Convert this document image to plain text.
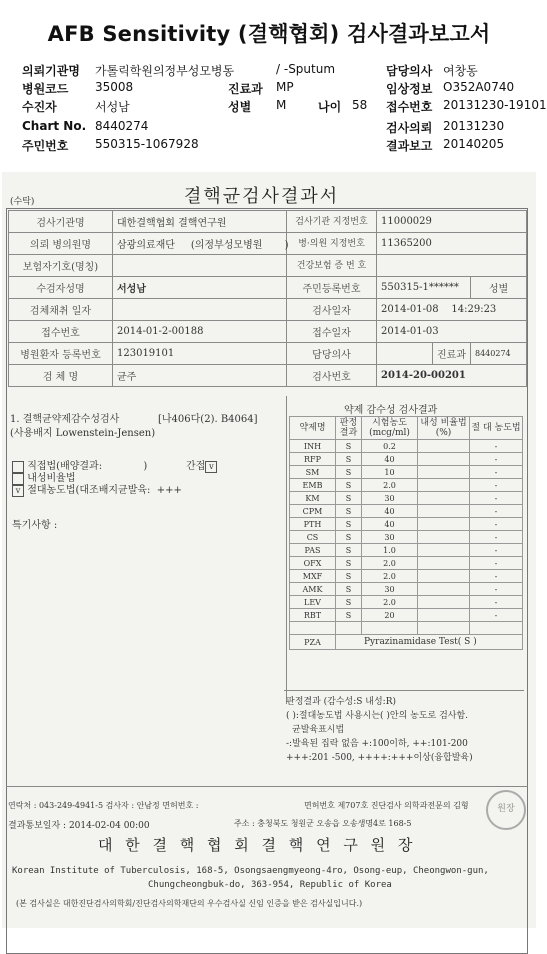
AFB Sensitivity (결핵협회) 검사결과보고서
의뢰기관명 가톨릭학원의정부성모병동	/ -Sputum	담당의사 여창동
병원코드 35008	진료과 MP	임상정보 O352A0740
수진자	서성남	성별 M	나이 58 접수번호 20131230-19101
Chart No. 8440274	검사의뢰 20131230
주민번호 550315-1067928	결과보고 20140205
(수탁)	결핵균검사결과서
검사기관명	대한결핵협회 결핵연구원	검사기관 지정번호	11000029		
의뢰 병의원명	삼광의료재단 (의정부성모병원 )	병·의원 지정번호	11365200		
보험자기호(명칭)		건강보험 증 번 호			
수검자성명	서성남	주민등록번호	550315-1******		성별
검체채취 일자		검사일자	2014-01-08 14:29:23		
접수번호	2014-01-2-00188	접수일자	2014-01-03		
병원환자 등록번호	123019101	담당의사		진료과	8440274
검 체 명	균주	검사번호	2014-20-00201		
1. 결핵균약제감수성검사	[나406다(2). B4064]
(사용배지 Lowenstein-Jensen)
직접법(배양결과:	)	간접 v
내성비율법
v 절대농도법(대조배지균발육: +++
특기사항 :
약제 감수성 검사결과
약제명	판정 결과	시험농도 (mcg/ml)	내성 비율법(%)	절 대 농도법
INH	S	0.2		-
RFP	S	40		-
SM	S	10		-
EMB	S	2.0		-
KM	S	30		-
CPM	S	40		-
PTH	S	40		-
CS	S	30		-
PAS	S	1.0		-
OFX	S	2.0		-
MXF	S	2.0		-
AMK	S	30		-
LEV	S	2.0		-
RBT	S	20		-

PZA	Pyrazinamidase Test( S )			
판정결과 (감수성:S 내성:R)
( ):절대농도법 사용시는( )안의 농도로 검사함.
균발육표시법
-:발육된 집락 없음 +:100이하, ++:101-200
+++:201 -500, ++++:+++이상(융합발육)
연락처 : 043-249-4941-5 검사자 : 안남정 면허번호 :	면허번호 제707호 진단검사 의학과전문의 김형
결과통보일자 : 2014-02-04 00:00	주소 : 충청북도 청원군 오송읍 오송생명4로 168-5
대 한 결 핵 협 회 결 핵 연 구 원 장
원장
Korean Institute of Tuberculosis, 168-5, Osongsaengmyeong-4ro, Osong-eup, Cheongwon-gun,
Chungcheongbuk-do, 363-954, Republic of Korea
(본 검사실은 대한진단검사의학회/진단검사의학재단의 우수검사실 신임 인증을 받은 검사실입니다.)
